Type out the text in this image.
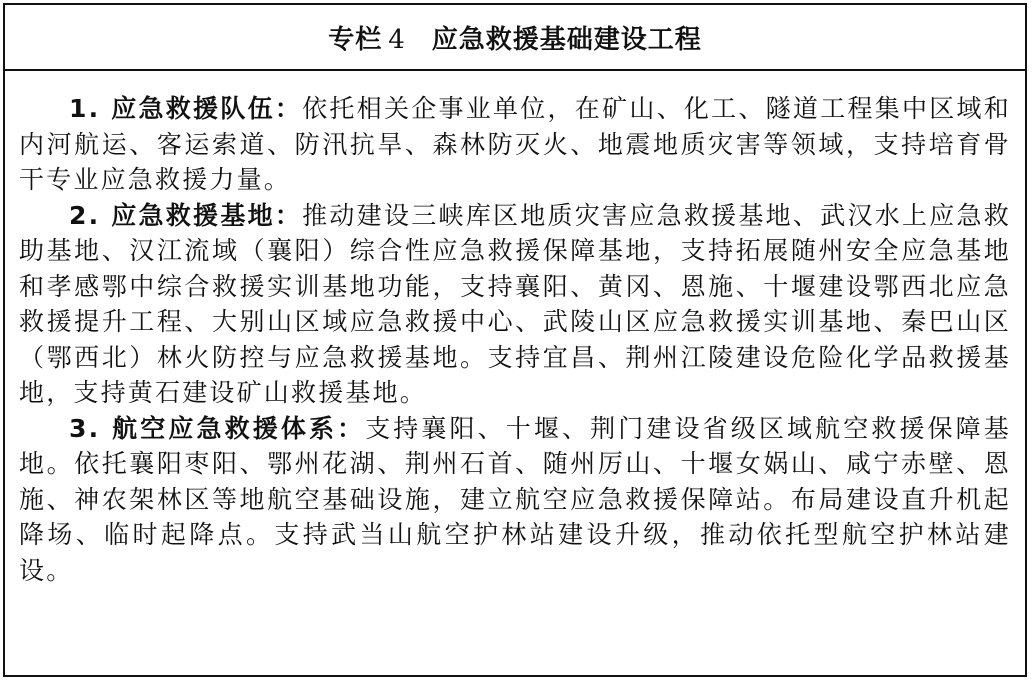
专栏 4 应急救援基础建设工程

1. 应急救援队伍：依托相关企事业单位，在矿山、化工、隧道工程集中区域和内河航运、客运索道、防汛抗旱、森林防灭火、地震地质灾害等领域，支持培育骨干专业应急救援力量。

2. 应急救援基地：推动建设三峡库区地质灾害应急救援基地、武汉水上应急救助基地、汉江流域（襄阳）综合性应急救援保障基地，支持拓展随州安全应急基地和孝感鄂中综合救援实训基地功能，支持襄阳、黄冈、恩施、十堰建设鄂西北应急救援提升工程、大别山区域应急救援中心、武陵山区应急救援实训基地、秦巴山区（鄂西北）林火防控与应急救援基地。支持宜昌、荆州江陵建设危险化学品救援基地，支持黄石建设矿山救援基地。

3. 航空应急救援体系：支持襄阳、十堰、荆门建设省级区域航空救援保障基地。依托襄阳枣阳、鄂州花湖、荆州石首、随州厉山、十堰女娲山、咸宁赤壁、恩施、神农架林区等地航空基础设施，建立航空应急救援保障站。布局建设直升机起降场、临时起降点。支持武当山航空护林站建设升级，推动依托型航空护林站建设。
